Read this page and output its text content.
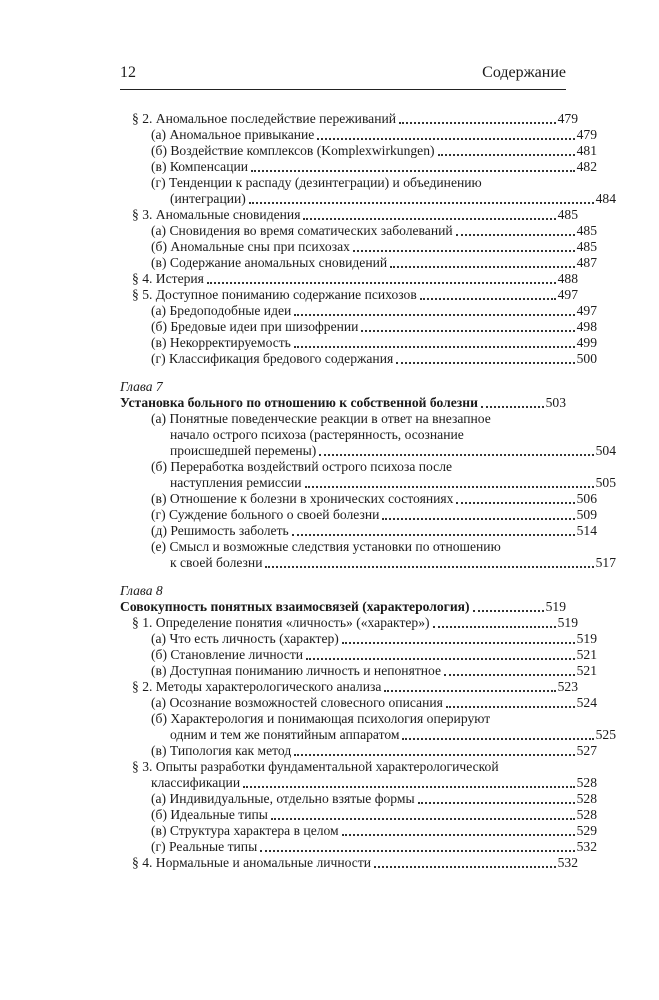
12	Содержание
§ 2. Аномальное последействие переживаний	479
(а) Аномальное привыкание	479
(б) Воздействие комплексов (Komplexwirkungen)	481
(в) Компенсации	482
(г) Тенденции к распаду (дезинтеграции) и объединению
(интеграции)	484
§ 3. Аномальные сновидения	485
(а) Сновидения во время соматических заболеваний	485
(б) Аномальные сны при психозах	485
(в) Содержание аномальных сновидений	487
§ 4. Истерия	488
§ 5. Доступное пониманию содержание психозов	497
(а) Бредоподобные идеи	497
(б) Бредовые идеи при шизофрении	498
(в) Некорректируемость	499
(г) Классификация бредового содержания	500
Глава 7
Установка больного по отношению к собственной болезни	503
(а) Понятные поведенческие реакции в ответ на внезапное
начало острого психоза (растерянность, осознание
происшедшей перемены)	504
(б) Переработка воздействий острого психоза после
наступления ремиссии	505
(в) Отношение к болезни в хронических состояниях	506
(г) Суждение больного о своей болезни	509
(д) Решимость заболеть	514
(е) Смысл и возможные следствия установки по отношению
к своей болезни	517
Глава 8
Совокупность понятных взаимосвязей (характерология)	519
§ 1. Определение понятия «личность» («характер»)	519
(а) Что есть личность (характер)	519
(б) Становление личности	521
(в) Доступная пониманию личность и непонятное	521
§ 2. Методы характерологического анализа	523
(а) Осознание возможностей словесного описания	524
(б) Характерология и понимающая психология оперируют
одним и тем же понятийным аппаратом	525
(в) Типология как метод	527
§ 3. Опыты разработки фундаментальной характерологической
классификации	528
(а) Индивидуальные, отдельно взятые формы	528
(б) Идеальные типы	528
(в) Структура характера в целом	529
(г) Реальные типы	532
§ 4. Нормальные и аномальные личности	532
